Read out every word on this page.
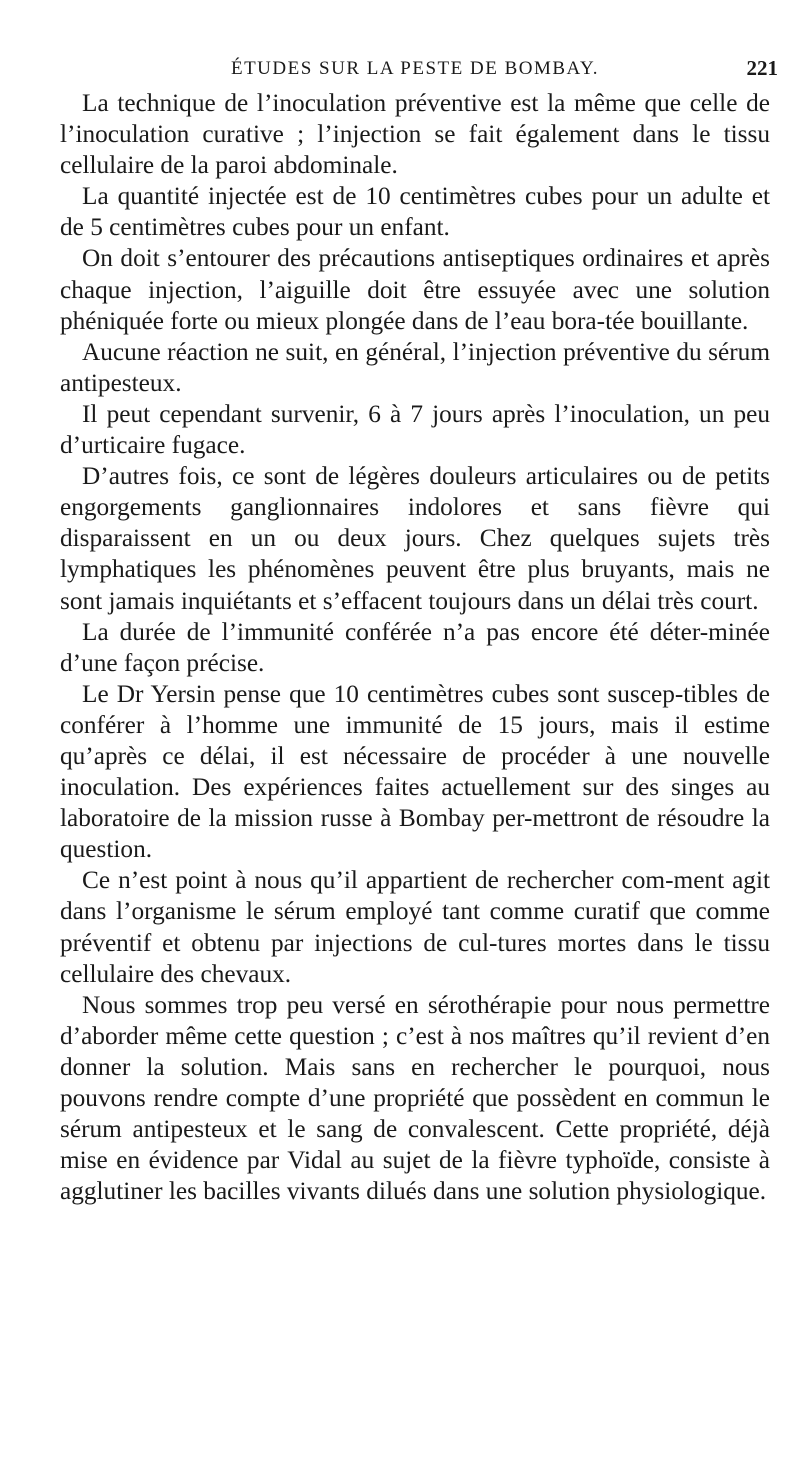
ÉTUDES SUR LA PESTE DE BOMBAY.	221

La technique de l’inoculation préventive est la même que celle de l’inoculation curative ; l’injection se fait également dans le tissu cellulaire de la paroi abdominale.

La quantité injectée est de 10 centimètres cubes pour un adulte et de 5 centimètres cubes pour un enfant.

On doit s’entourer des précautions antiseptiques ordinaires et après chaque injection, l’aiguille doit être essuyée avec une solution phéniquée forte ou mieux plongée dans de l’eau bora-tée bouillante.

Aucune réaction ne suit, en général, l’injection préventive du sérum antipesteux.

Il peut cependant survenir, 6 à 7 jours après l’inoculation, un peu d’urticaire fugace.

D’autres fois, ce sont de légères douleurs articulaires ou de petits engorgements ganglionnaires indolores et sans fièvre qui disparaissent en un ou deux jours. Chez quelques sujets très lymphatiques les phénomènes peuvent être plus bruyants, mais ne sont jamais inquiétants et s’effacent toujours dans un délai très court.

La durée de l’immunité conférée n’a pas encore été déter-minée d’une façon précise.

Le Dr Yersin pense que 10 centimètres cubes sont suscep-tibles de conférer à l’homme une immunité de 15 jours, mais il estime qu’après ce délai, il est nécessaire de procéder à une nouvelle inoculation. Des expériences faites actuellement sur des singes au laboratoire de la mission russe à Bombay per-mettront de résoudre la question.

Ce n’est point à nous qu’il appartient de rechercher com-ment agit dans l’organisme le sérum employé tant comme curatif que comme préventif et obtenu par injections de cul-tures mortes dans le tissu cellulaire des chevaux.

Nous sommes trop peu versé en sérothérapie pour nous permettre d’aborder même cette question ; c’est à nos maîtres qu’il revient d’en donner la solution. Mais sans en rechercher le pourquoi, nous pouvons rendre compte d’une propriété que possèdent en commun le sérum antipesteux et le sang de convalescent. Cette propriété, déjà mise en évidence par Vidal au sujet de la fièvre typhoïde, consiste à agglutiner les bacilles vivants dilués dans une solution physiologique.
